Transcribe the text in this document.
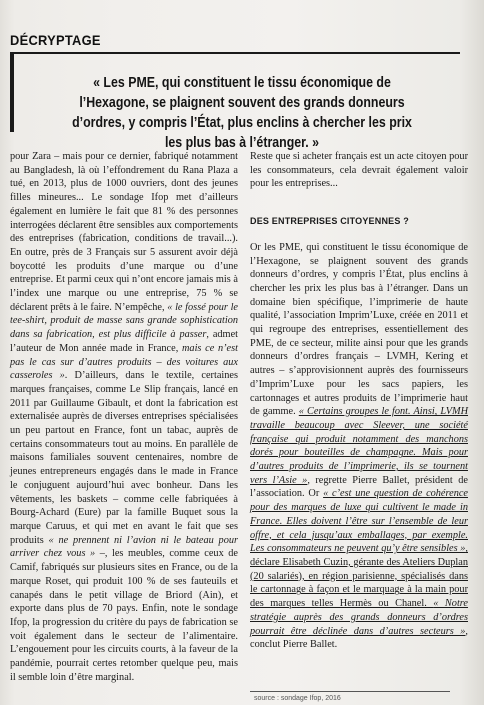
DÉCRYPTAGE
« Les PME, qui constituent le tissu économique de l’Hexagone, se plaignent souvent des grands donneurs d’ordres, y compris l’État, plus enclins à chercher les prix les plus bas à l’étranger. »

pour Zara – mais pour ce dernier, fabriqué notamment au Bangladesh, là où l’effondrement du Rana Plaza a tué, en 2013, plus de 1000 ouvriers, dont des jeunes filles mineures... Le sondage Ifop met d’ailleurs également en lumière le fait que 81 % des personnes interrogées déclarent être sensibles aux comportements des entreprises (fabrication, conditions de travail...). En outre, près de 3 Français sur 5 assurent avoir déjà boycotté les produits d’une marque ou d’une entreprise. Et parmi ceux qui n’ont encore jamais mis à l’index une marque ou une entreprise, 75 % se déclarent prêts à le faire. N’empêche, « le fossé pour le tee-shirt, produit de masse sans grande sophistication dans sa fabrication, est plus difficile à passer, admet l’auteur de Mon année made in France, mais ce n’est pas le cas sur d’autres produits – des voitures aux casseroles ». D’ailleurs, dans le textile, certaines marques françaises, comme Le Slip français, lancé en 2011 par Guillaume Gibault, et dont la fabrication est externalisée auprès de diverses entreprises spécialisées un peu partout en France, font un tabac, auprès de certains consommateurs tout au moins. En parallèle de maisons familiales souvent centenaires, nombre de jeunes entrepreneurs engagés dans le made in France le conjuguent aujourd’hui avec bonheur. Dans les vêtements, les baskets – comme celle fabriquées à Bourg-Achard (Eure) par la famille Buquet sous la marque Caruus, et qui met en avant le fait que ses produits « ne prennent ni l’avion ni le bateau pour arriver chez vous » –, les meubles, comme ceux de Camif, fabriqués sur plusieurs sites en France, ou de la marque Roset, qui produit 100 % de ses fauteuils et canapés dans le petit village de Briord (Ain), et exporte dans plus de 70 pays. Enfin, note le sondage Ifop, la progression du critère du pays de fabrication se voit également dans le secteur de l’alimentaire. L’engouement pour les circuits courts, à la faveur de la pandémie, pourrait certes retomber quelque peu, mais il semble loin d’être marginal.

Reste que si acheter français est un acte citoyen pour les consommateurs, cela devrait également valoir pour les entreprises...

DES ENTREPRISES CITOYENNES ?

Or les PME, qui constituent le tissu économique de l’Hexagone, se plaignent souvent des grands donneurs d’ordres, y compris l’État, plus enclins à chercher les prix les plus bas à l’étranger. Dans un domaine bien spécifique, l’imprimerie de haute qualité, l’association Imprim’Luxe, créée en 2011 et qui regroupe des entreprises, essentiellement des PME, de ce secteur, milite ainsi pour que les grands donneurs d’ordres français – LVMH, Kering et autres – s’approvisionnent auprès des fournisseurs d’Imprim’Luxe pour les sacs papiers, les cartonnages et autres produits de l’imprimerie haut de gamme. « Certains groupes le font. Ainsi, LVMH travaille beaucoup avec Sleever, une société française qui produit notamment des manchons dorés pour bouteilles de champagne. Mais pour d’autres produits de l’imprimerie, ils se tournent vers l’Asie », regrette Pierre Ballet, président de l’association. Or « c’est une question de cohérence pour des marques de luxe qui cultivent le made in France. Elles doivent l’être sur l’ensemble de leur offre, et cela jusqu’aux emballages, par exemple. Les consommateurs ne peuvent qu’y être sensibles », déclare Elisabeth Cuzin, gérante des Ateliers Duplan (20 salariés), en région parisienne, spécialisés dans le cartonnage à façon et le marquage à la main pour des marques telles Hermès ou Chanel. « Notre stratégie auprès des grands donneurs d’ordres pourrait être déclinée dans d’autres secteurs », conclut Pierre Ballet.

source : sondage Ifop, 2016
